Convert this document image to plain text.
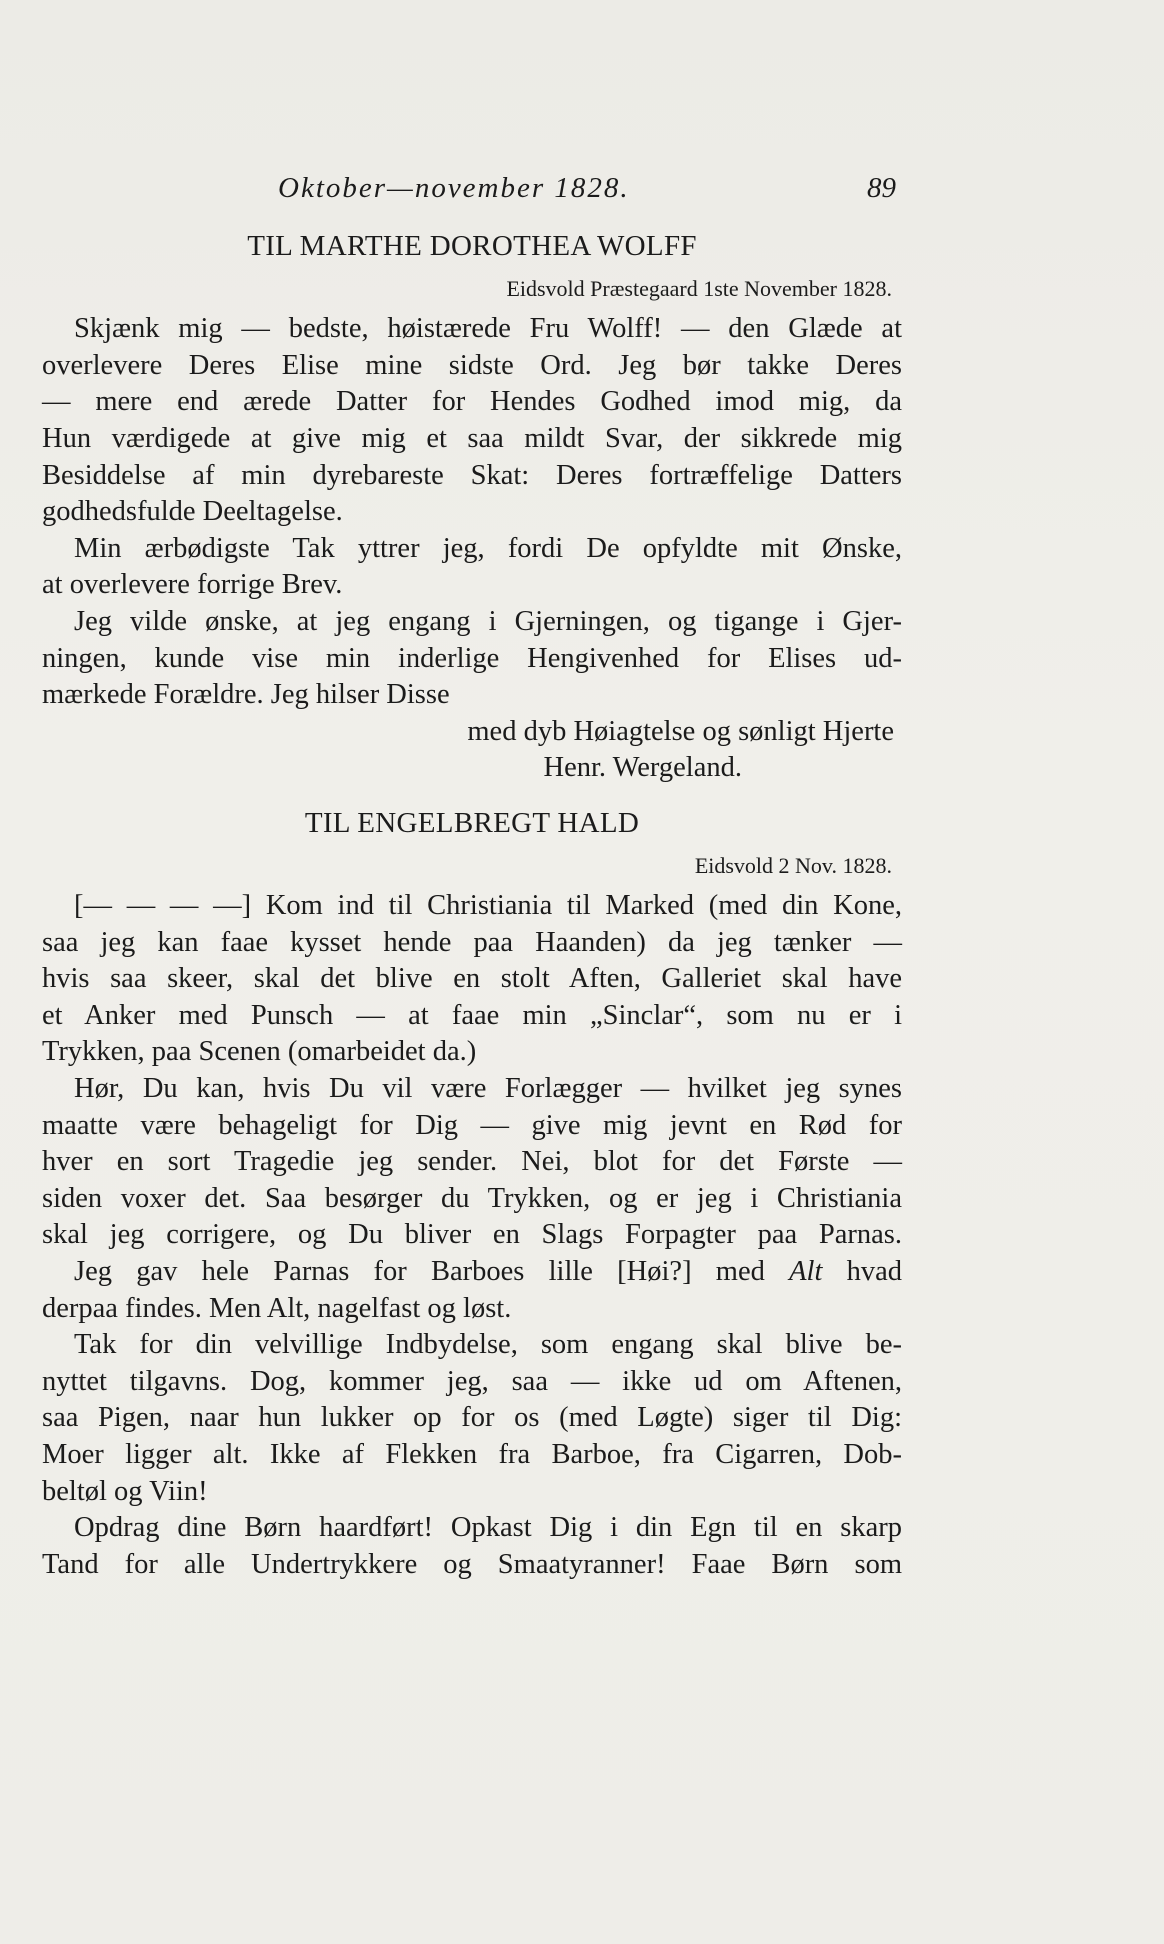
Oktober—november 1828.	89
TIL MARTHE DOROTHEA WOLFF
Eidsvold Præstegaard 1ste November 1828.
Skjænk mig — bedste, høistærede Fru Wolff! — den Glæde at
overlevere Deres Elise mine sidste Ord. Jeg bør takke Deres
— mere end ærede Datter for Hendes Godhed imod mig, da
Hun værdigede at give mig et saa mildt Svar, der sikkrede mig
Besiddelse af min dyrebareste Skat: Deres fortræffelige Datters
godhedsfulde Deeltagelse.
Min ærbødigste Tak yttrer jeg, fordi De opfyldte mit Ønske,
at overlevere forrige Brev.
Jeg vilde ønske, at jeg engang i Gjerningen, og tigange i Gjer-
ningen, kunde vise min inderlige Hengivenhed for Elises ud-
mærkede Forældre. Jeg hilser Disse
med dyb Høiagtelse og sønligt Hjerte
Henr. Wergeland.
TIL ENGELBREGT HALD
Eidsvold 2 Nov. 1828.
[— — — —] Kom ind til Christiania til Marked (med din Kone,
saa jeg kan faae kysset hende paa Haanden) da jeg tænker —
hvis saa skeer, skal det blive en stolt Aften, Galleriet skal have
et Anker med Punsch — at faae min „Sinclar“, som nu er i
Trykken, paa Scenen (omarbeidet da.)
Hør, Du kan, hvis Du vil være Forlægger — hvilket jeg synes
maatte være behageligt for Dig — give mig jevnt en Rød for
hver en sort Tragedie jeg sender. Nei, blot for det Første —
siden voxer det. Saa besørger du Trykken, og er jeg i Christiania
skal jeg corrigere, og Du bliver en Slags Forpagter paa Parnas.
Jeg gav hele Parnas for Barboes lille [Høi?] med Alt hvad
derpaa findes. Men Alt, nagelfast og løst.
Tak for din velvillige Indbydelse, som engang skal blive be-
nyttet tilgavns. Dog, kommer jeg, saa — ikke ud om Aftenen,
saa Pigen, naar hun lukker op for os (med Løgte) siger til Dig:
Moer ligger alt. Ikke af Flekken fra Barboe, fra Cigarren, Dob-
beltøl og Viin!
Opdrag dine Børn haardført! Opkast Dig i din Egn til en skarp
Tand for alle Undertrykkere og Smaatyranner! Faae Børn som
